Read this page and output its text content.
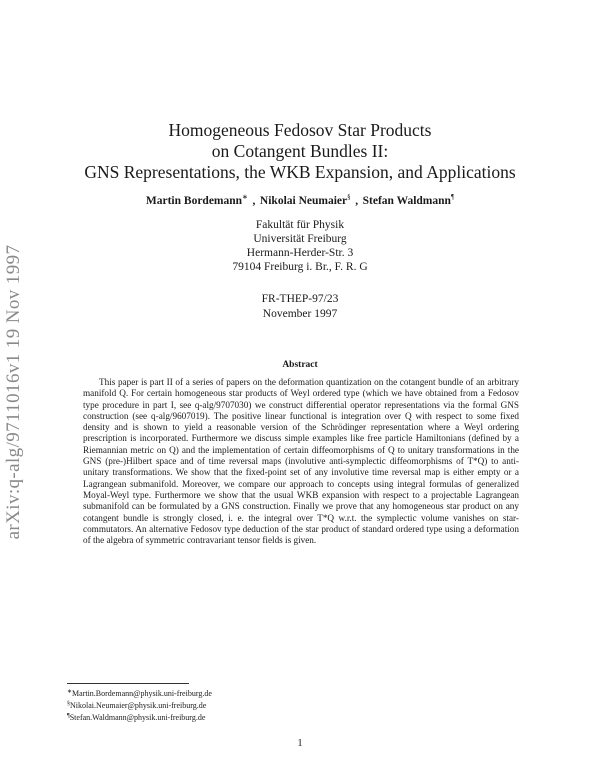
arXiv:q-alg/9711016v1 19 Nov 1997
Homogeneous Fedosov Star Products
on Cotangent Bundles II:
GNS Representations, the WKB Expansion, and Applications
Martin Bordemann∗ , Nikolai Neumaier§ , Stefan Waldmann¶
Fakultät für Physik
Universität Freiburg
Hermann-Herder-Str. 3
79104 Freiburg i. Br., F. R. G
FR-THEP-97/23
November 1997
Abstract
This paper is part II of a series of papers on the deformation quantization on the cotangent bundle of an arbitrary manifold Q. For certain homogeneous star products of Weyl ordered type (which we have obtained from a Fedosov type procedure in part I, see q-alg/9707030) we construct differential operator representations via the formal GNS construction (see q-alg/9607019). The positive linear functional is integration over Q with respect to some fixed density and is shown to yield a reasonable version of the Schrödinger representation where a Weyl ordering prescription is incorporated. Furthermore we discuss simple examples like free particle Hamiltonians (defined by a Riemannian metric on Q) and the implementation of certain diffeomorphisms of Q to unitary transformations in the GNS (pre-)Hilbert space and of time reversal maps (involutive anti-symplectic diffeomorphisms of T*Q) to anti-unitary transformations. We show that the fixed-point set of any involutive time reversal map is either empty or a Lagrangean submanifold. Moreover, we compare our approach to concepts using integral formulas of generalized Moyal-Weyl type. Furthermore we show that the usual WKB expansion with respect to a projectable Lagrangean submanifold can be formulated by a GNS construction. Finally we prove that any homogeneous star product on any cotangent bundle is strongly closed, i. e. the integral over T*Q w.r.t. the symplectic volume vanishes on star-commutators. An alternative Fedosov type deduction of the star product of standard ordered type using a deformation of the algebra of symmetric contravariant tensor fields is given.
∗Martin.Bordemann@physik.uni-freiburg.de
§Nikolai.Neumaier@physik.uni-freiburg.de
¶Stefan.Waldmann@physik.uni-freiburg.de
1
